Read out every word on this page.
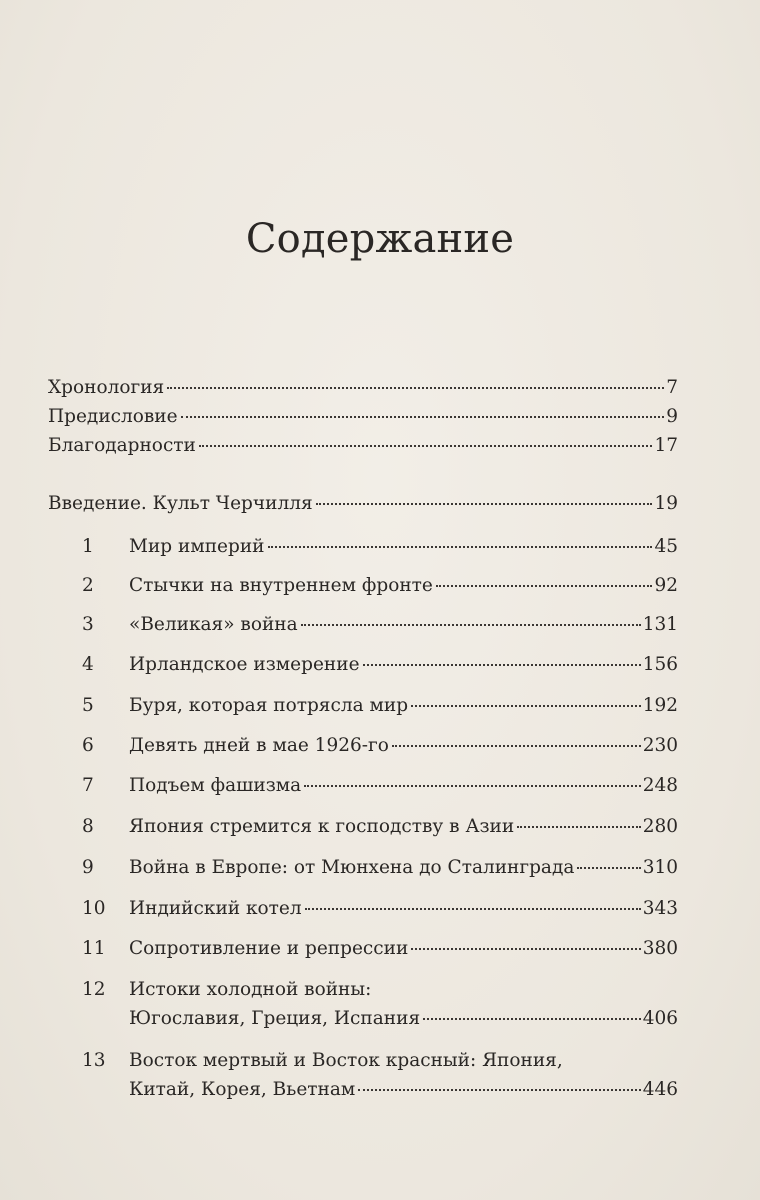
Содержание
Хронология	7
Предисловие	9
Благодарности	17
Введение. Культ Черчилля	19
1	Мир империй	45
2	Стычки на внутреннем фронте	92
3	«Великая» война	131
4	Ирландское измерение	156
5	Буря, которая потрясла мир	192
6	Девять дней в мае 1926-го	230
7	Подъем фашизма	248
8	Япония стремится к господству в Азии	280
9	Война в Европе: от Мюнхена до Сталинграда	310
10 Индийский котел	343
11 Сопротивление и репрессии	380
12 Истоки холодной войны:
Югославия, Греция, Испания	406
13 Восток мертвый и Восток красный: Япония,
Китай, Корея, Вьетнам	446
